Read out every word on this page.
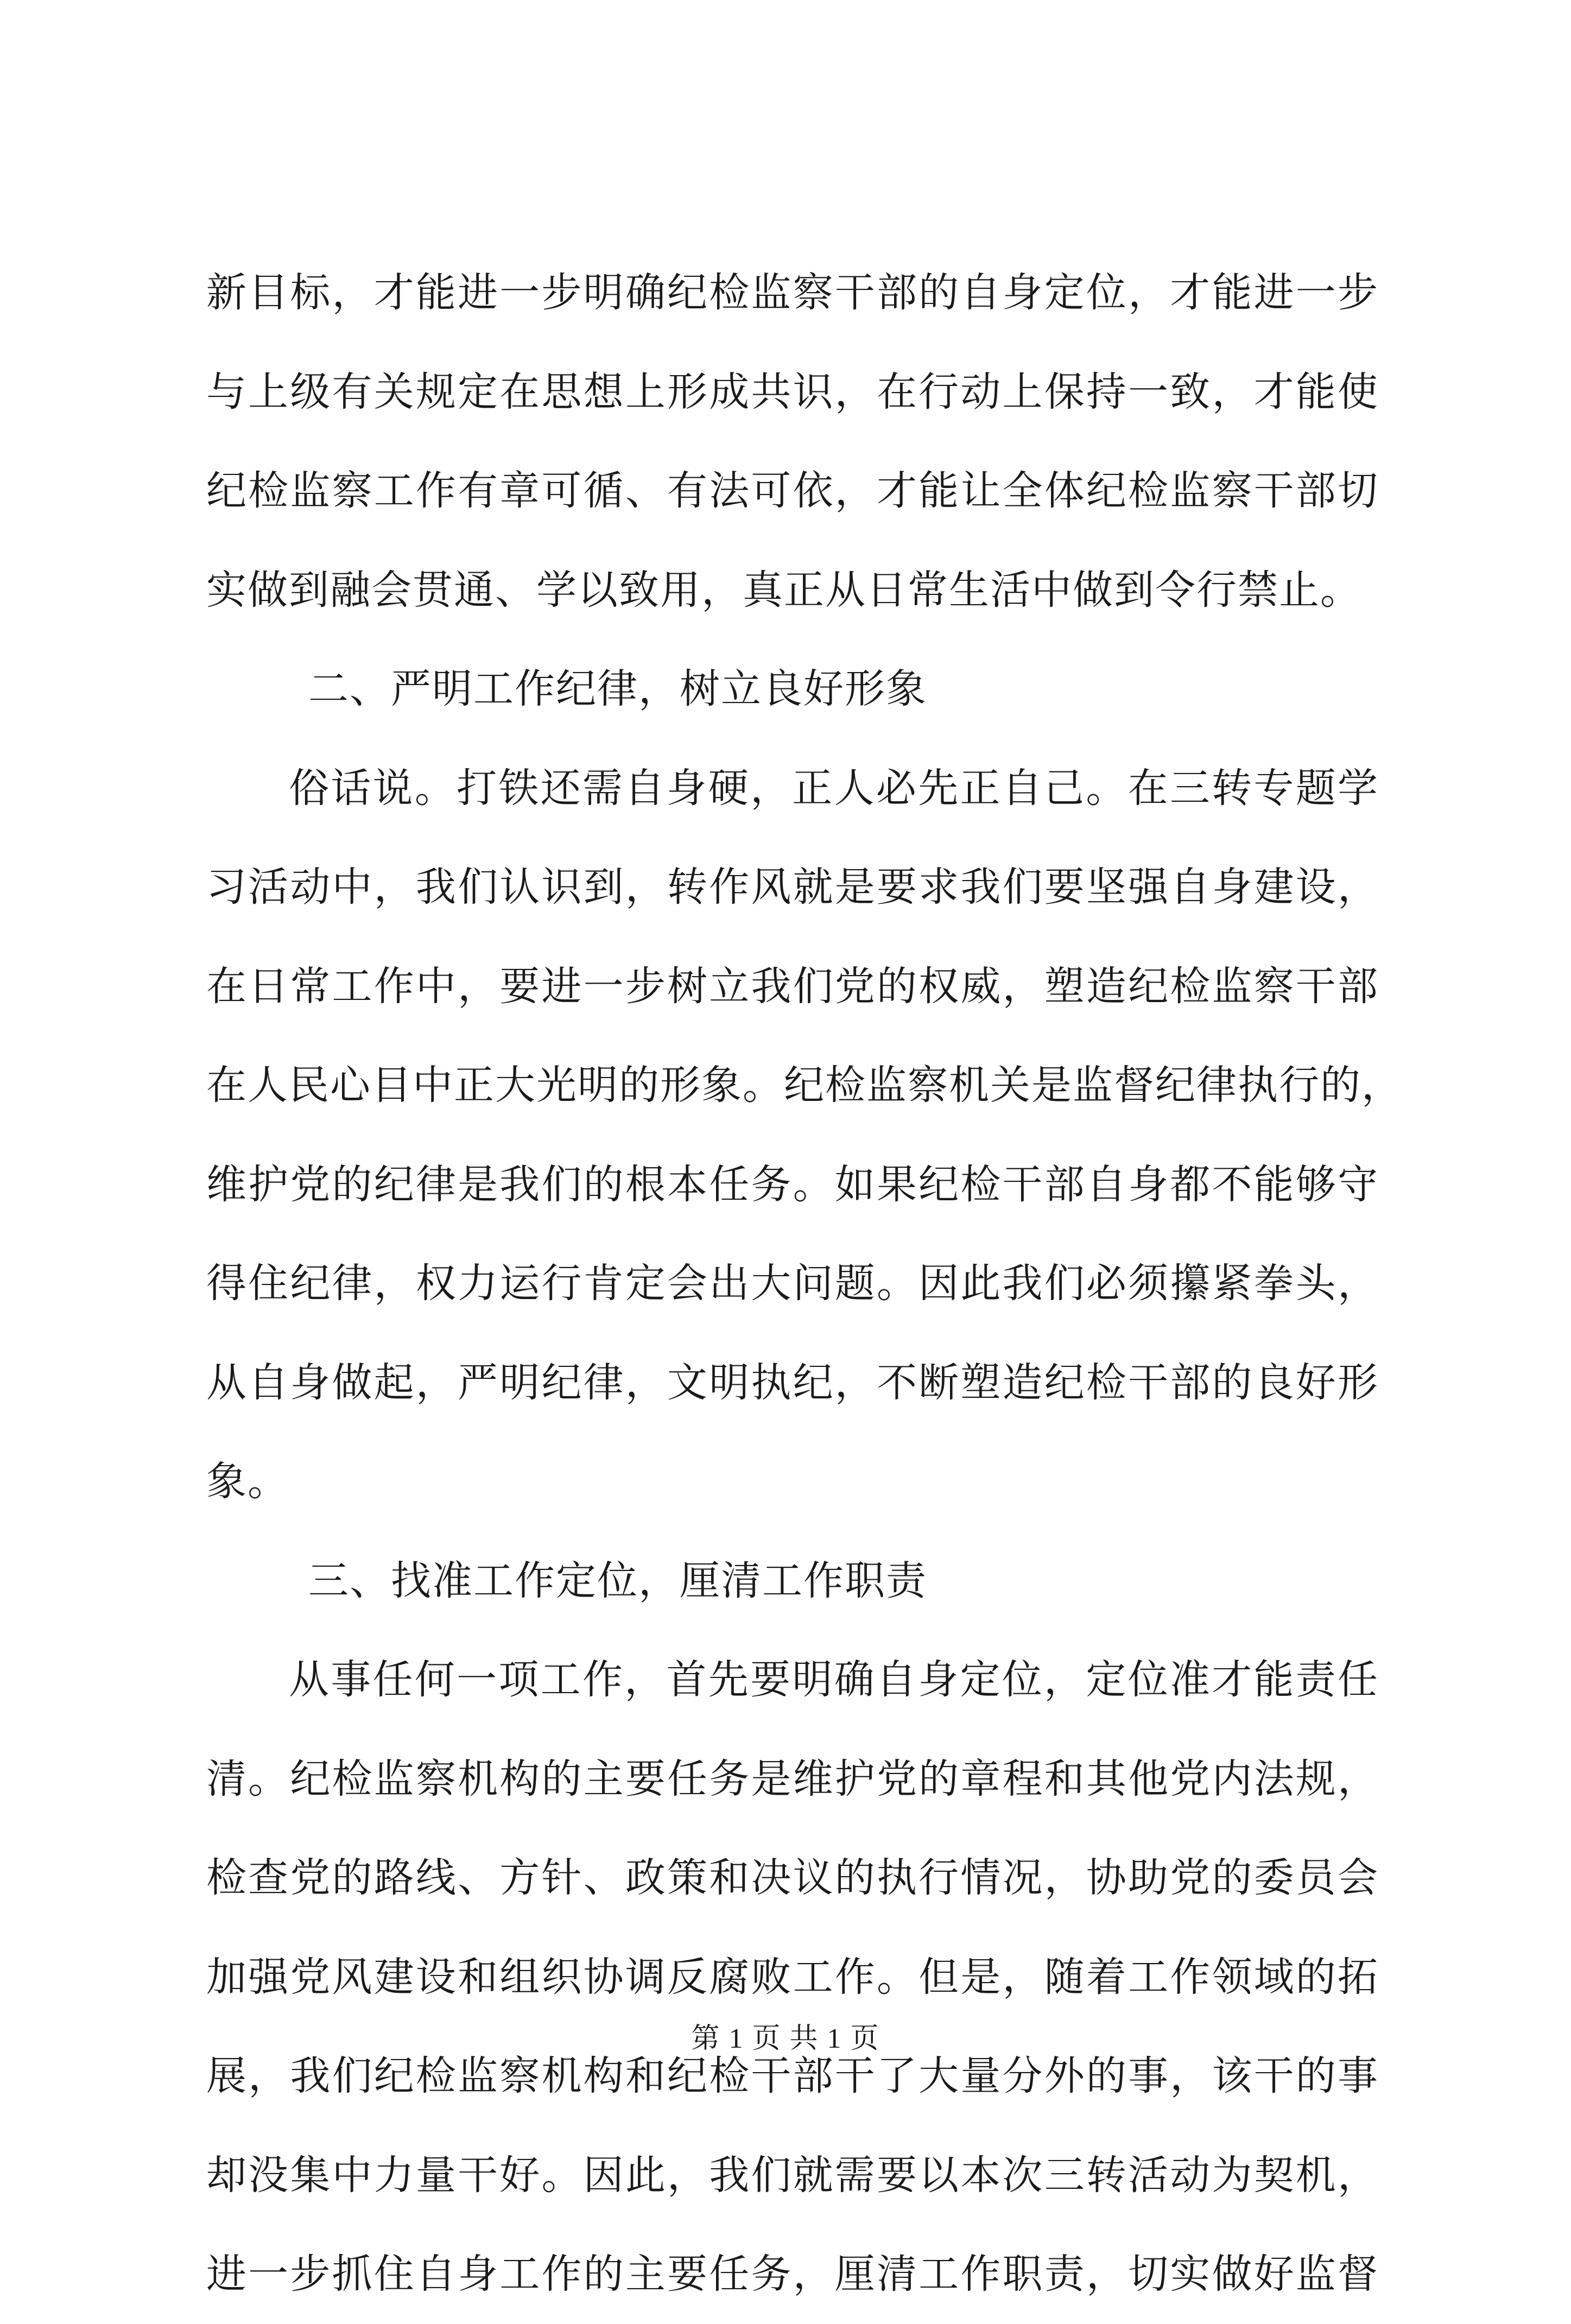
新目标，才能进一步明确纪检监察干部的自身定位，才能进一步
与上级有关规定在思想上形成共识，在行动上保持一致，才能使
纪检监察工作有章可循、有法可依，才能让全体纪检监察干部切
实做到融会贯通、学以致用，真正从日常生活中做到令行禁止。
二、严明工作纪律，树立良好形象
俗话说。打铁还需自身硬，正人必先正自己。在三转专题学
习活动中，我们认识到，转作风就是要求我们要坚强自身建设，
在日常工作中，要进一步树立我们党的权威，塑造纪检监察干部
在人民心目中正大光明的形象。纪检监察机关是监督纪律执行的，
维护党的纪律是我们的根本任务。如果纪检干部自身都不能够守
得住纪律，权力运行肯定会出大问题。因此我们必须攥紧拳头，
从自身做起，严明纪律，文明执纪，不断塑造纪检干部的良好形
象。
三、找准工作定位，厘清工作职责
从事任何一项工作，首先要明确自身定位，定位准才能责任
清。纪检监察机构的主要任务是维护党的章程和其他党内法规，
检查党的路线、方针、政策和决议的执行情况，协助党的委员会
加强党风建设和组织协调反腐败工作。但是，随着工作领域的拓
展，我们纪检监察机构和纪检干部干了大量分外的事，该干的事
却没集中力量干好。因此，我们就需要以本次三转活动为契机，
进一步抓住自身工作的主要任务，厘清工作职责，切实做好监督
第 1 页 共 1 页
